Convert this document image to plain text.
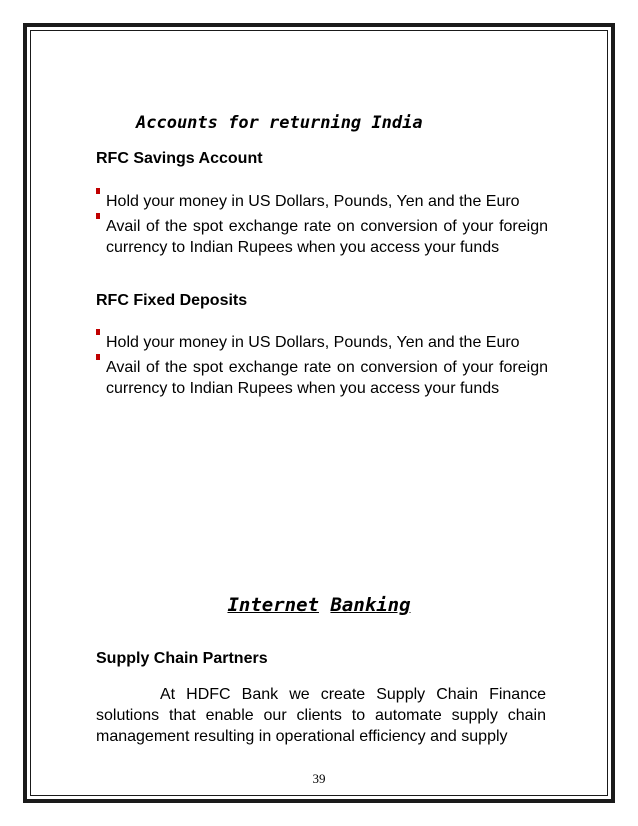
Accounts for returning India
RFC Savings Account
Hold your money in US Dollars, Pounds, Yen and the Euro
Avail of the spot exchange rate on conversion of your foreign currency to Indian Rupees when you access your funds
RFC Fixed Deposits
Hold your money in US Dollars, Pounds, Yen and the Euro
Avail of the spot exchange rate on conversion of your foreign currency to Indian Rupees when you access your funds
Internet Banking
Supply Chain Partners
At HDFC Bank we create Supply Chain Finance solutions that enable our clients to automate supply chain management resulting in operational efficiency and supply
39
